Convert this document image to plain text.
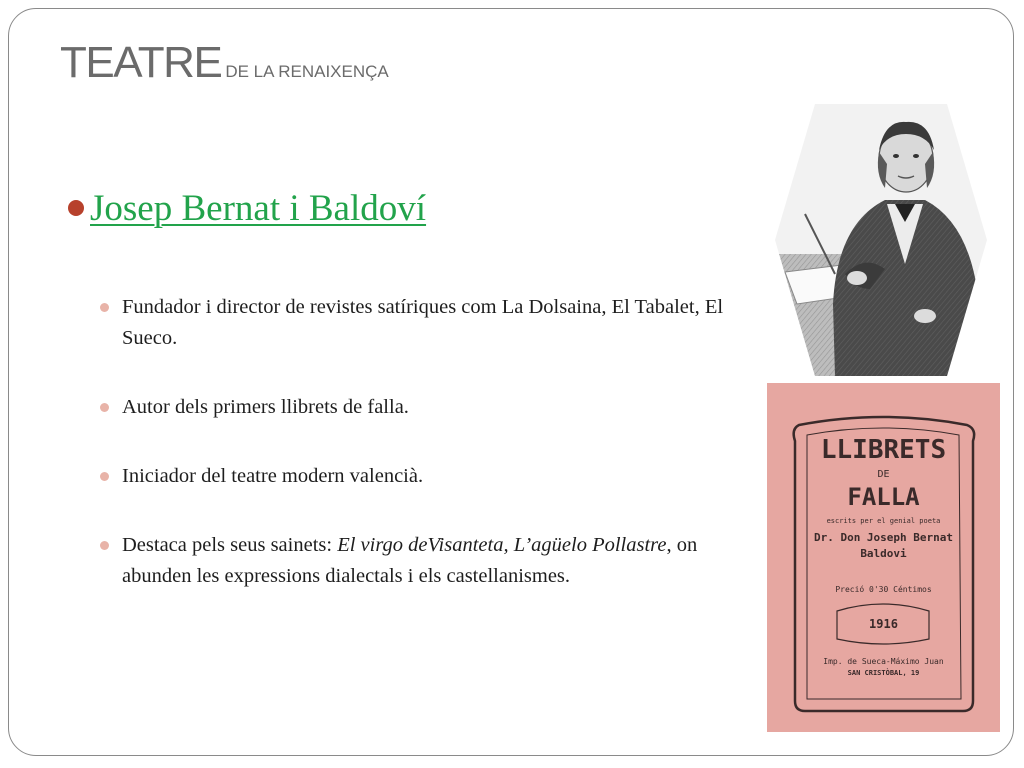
TEATRE DE LA RENAIXENÇA
Josep Bernat i Baldoví
Fundador i director de revistes satíriques com La Dolsaina, El Tabalet, El Sueco.
Autor dels primers llibrets de falla.
Iniciador del teatre modern valencià.
Destaca pels seus sainets: El virgo deVisanteta, L’agüelo Pollastre, on abunden les expressions dialectals i els castellanismes.
LLIBRETS
DE
FALLA
escrits per el genial poeta
Dr. Don Joseph Bernat
Baldovi
Preció 0'30 Céntimos
1916
Imp. de Sueca-Máximo Juan
SAN CRISTÒBAL, 19
